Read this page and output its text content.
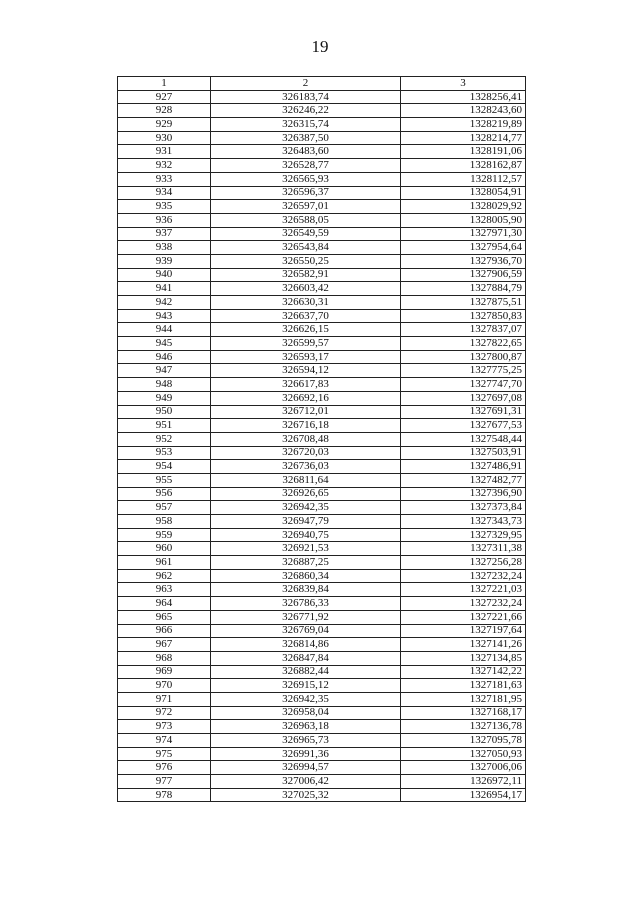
19
1	2	3
927	326183,74	1328256,41
928	326246,22	1328243,60
929	326315,74	1328219,89
930	326387,50	1328214,77
931	326483,60	1328191,06
932	326528,77	1328162,87
933	326565,93	1328112,57
934	326596,37	1328054,91
935	326597,01	1328029,92
936	326588,05	1328005,90
937	326549,59	1327971,30
938	326543,84	1327954,64
939	326550,25	1327936,70
940	326582,91	1327906,59
941	326603,42	1327884,79
942	326630,31	1327875,51
943	326637,70	1327850,83
944	326626,15	1327837,07
945	326599,57	1327822,65
946	326593,17	1327800,87
947	326594,12	1327775,25
948	326617,83	1327747,70
949	326692,16	1327697,08
950	326712,01	1327691,31
951	326716,18	1327677,53
952	326708,48	1327548,44
953	326720,03	1327503,91
954	326736,03	1327486,91
955	326811,64	1327482,77
956	326926,65	1327396,90
957	326942,35	1327373,84
958	326947,79	1327343,73
959	326940,75	1327329,95
960	326921,53	1327311,38
961	326887,25	1327256,28
962	326860,34	1327232,24
963	326839,84	1327221,03
964	326786,33	1327232,24
965	326771,92	1327221,66
966	326769,04	1327197,64
967	326814,86	1327141,26
968	326847,84	1327134,85
969	326882,44	1327142,22
970	326915,12	1327181,63
971	326942,35	1327181,95
972	326958,04	1327168,17
973	326963,18	1327136,78
974	326965,73	1327095,78
975	326991,36	1327050,93
976	326994,57	1327006,06
977	327006,42	1326972,11
978	327025,32	1326954,17
